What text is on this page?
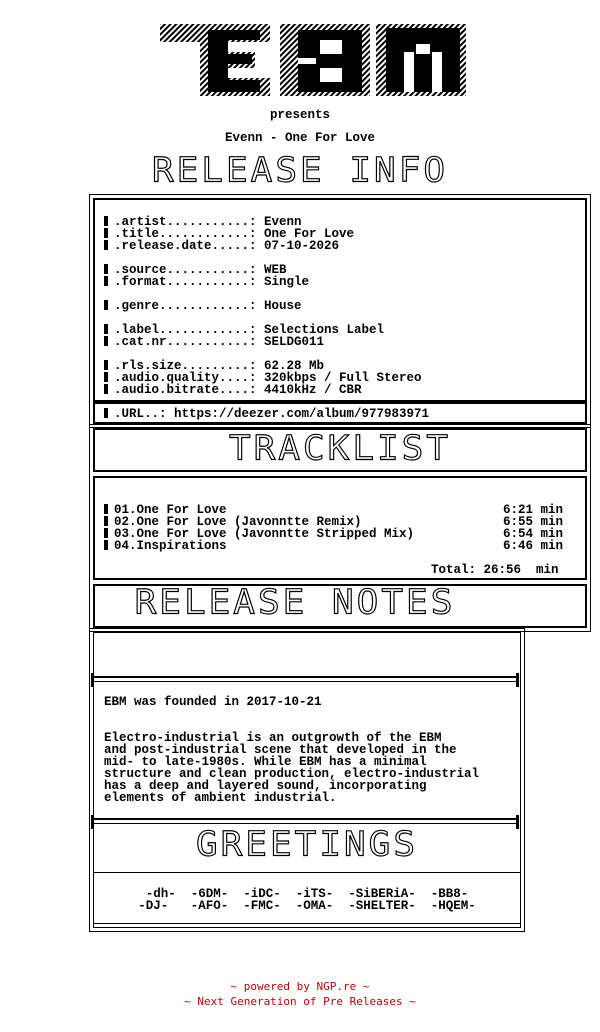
presents
Evenn - One For Love
RELEASE INFO
.artist...........: Evenn
.title............: One For Love
.release.date.....: 07-10-2026
.source...........: WEB
.format...........: Single
.genre............: House
.label............: Selections Label
.cat.nr...........: SELDG011
.rls.size.........: 62.28 Mb
.audio.quality....: 320kbps / Full Stereo
.audio.bitrate....: 4410kHz / CBR
.URL..: https://deezer.com/album/977983971
TRACKLIST
01.One For Love	6:21 min
02.One For Love (Javonntte Remix)	6:55 min
03.One For Love (Javonntte Stripped Mix)	6:54 min
04.Inspirations	6:46 min
Total: 26:56  min
RELEASE NOTES
EBM was founded in 2017-10-21
Electro-industrial is an outgrowth of the EBM
and post-industrial scene that developed in the
mid- to late-1980s. While EBM has a minimal
structure and clean production, electro-industrial
has a deep and layered sound, incorporating
elements of ambient industrial.
GREETINGS
-dh-  -6DM-  -iDC-  -iTS-  -SiBERiA-  -BB8-
-DJ-   -AFO-  -FMC-  -OMA-  -SHELTER-  -HQEM-
~ powered by NGP.re ~
~ Next Generation of Pre Releases ~
